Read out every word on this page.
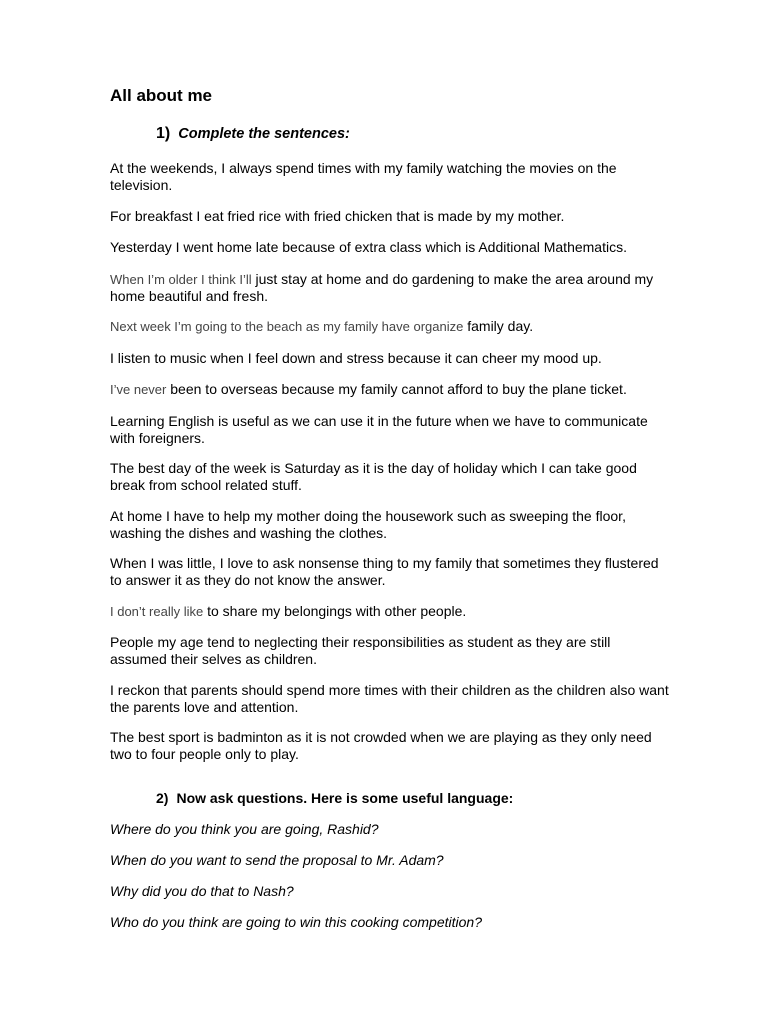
All about me
1) Complete the sentences:
At the weekends, I always spend times with my family watching the movies on the television.
For breakfast I eat fried rice with fried chicken that is made by my mother.
Yesterday I went home late because of extra class which is Additional Mathematics.
When I’m older I think I’ll just stay at home and do gardening to make the area around my home beautiful and fresh.
Next week I’m going to the beach as my family have organize family day.
I listen to music when I feel down and stress because it can cheer my mood up.
I’ve never been to overseas because my family cannot afford to buy the plane ticket.
Learning English is useful as we can use it in the future when we have to communicate with foreigners.
The best day of the week is Saturday as it is the day of holiday which I can take good break from school related stuff.
At home I have to help my mother doing the housework such as sweeping the floor, washing the dishes and washing the clothes.
When I was little, I love to ask nonsense thing to my family that sometimes they flustered to answer it as they do not know the answer.
I don’t really like to share my belongings with other people.
People my age tend to neglecting their responsibilities as student as they are still assumed their selves as children.
I reckon that parents should spend more times with their children as the children also want the parents love and attention.
The best sport is badminton as it is not crowded when we are playing as they only need two to four people only to play.
2) Now ask questions. Here is some useful language:
Where do you think you are going, Rashid?
When do you want to send the proposal to Mr. Adam?
Why did you do that to Nash?
Who do you think are going to win this cooking competition?
